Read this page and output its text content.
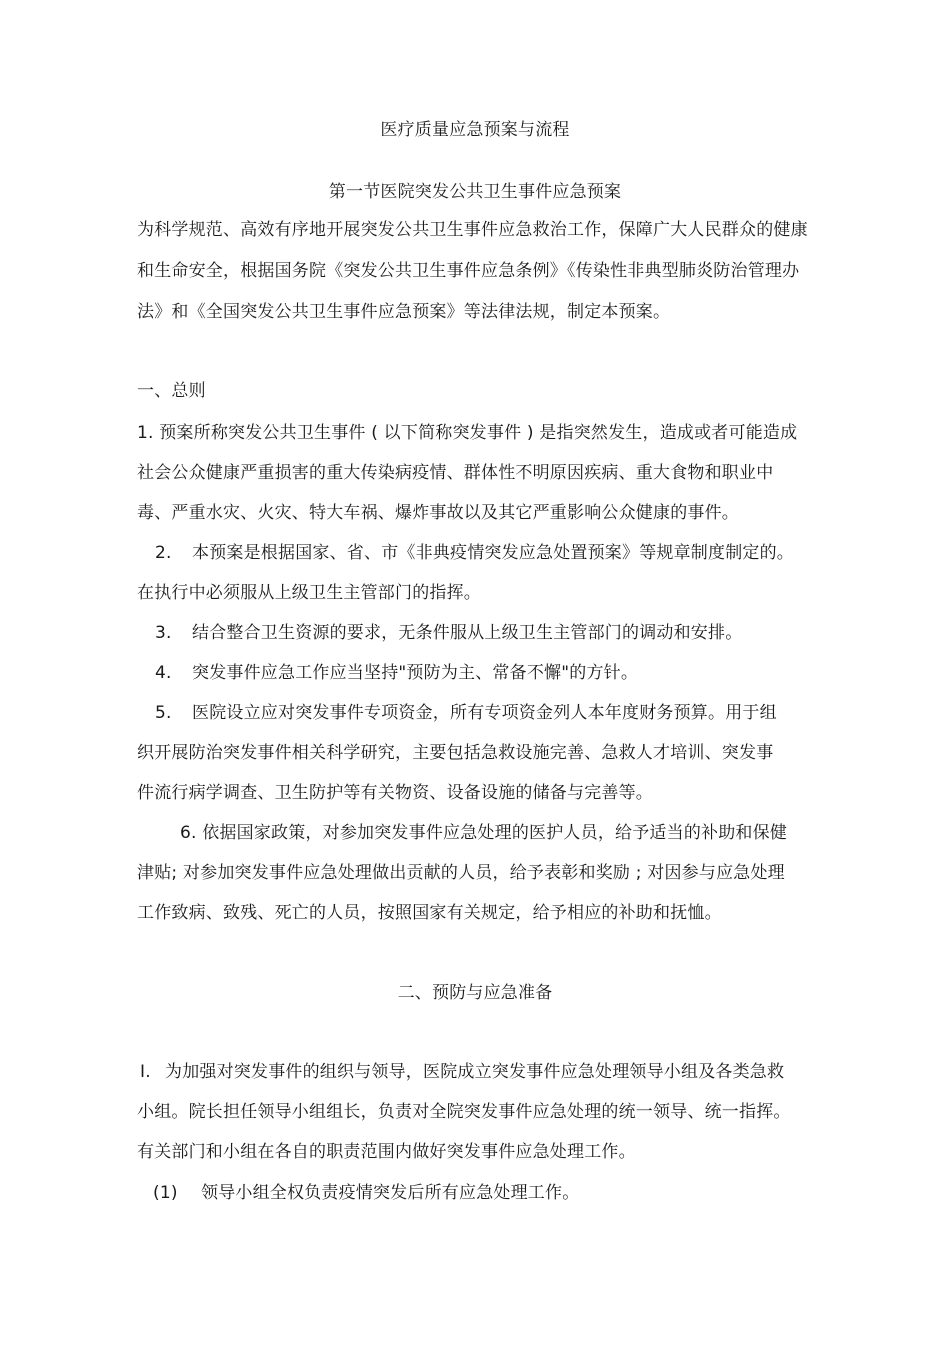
医疗质量应急预案与流程
第一节医院突发公共卫生事件应急预案
为科学规范、高效有序地开展突发公共卫生事件应急救治工作，保障广大人民群众的健康
和生命安全，根据国务院《突发公共卫生事件应急条例》《传染性非典型肺炎防治管理办
法》和《全国突发公共卫生事件应急预案》等法律法规，制定本预案。
一、总则
1. 预案所称突发公共卫生事件 ( 以下简称突发事件 ) 是指突然发生，造成或者可能造成
社会公众健康严重损害的重大传染病疫情、群体性不明原因疾病、重大食物和职业中
毒、严重水灾、火灾、特大车祸、爆炸事故以及其它严重影响公众健康的事件。
2. 本预案是根据国家、省、市《非典疫情突发应急处置预案》等规章制度制定的。
在执行中必须服从上级卫生主管部门的指挥。
3. 结合整合卫生资源的要求，无条件服从上级卫生主管部门的调动和安排。
4. 突发事件应急工作应当坚持"预防为主、常备不懈"的方针。
5. 医院设立应对突发事件专项资金，所有专项资金列人本年度财务预算。用于组
织开展防治突发事件相关科学研究，主要包括急救设施完善、急救人才培训、突发事
件流行病学调查、卫生防护等有关物资、设备设施的储备与完善等。
6. 依据国家政策，对参加突发事件应急处理的医护人员，给予适当的补助和保健
津贴; 对参加突发事件应急处理做出贡献的人员，给予表彰和奖励 ; 对因参与应急处理
工作致病、致残、死亡的人员，按照国家有关规定，给予相应的补助和抚恤。
二、预防与应急准备
I. 为加强对突发事件的组织与领导，医院成立突发事件应急处理领导小组及各类急救
小组。院长担任领导小组组长，负责对全院突发事件应急处理的统一领导、统一指挥。
有关部门和小组在各自的职责范围内做好突发事件应急处理工作。
(1) 领导小组全权负责疫情突发后所有应急处理工作。
